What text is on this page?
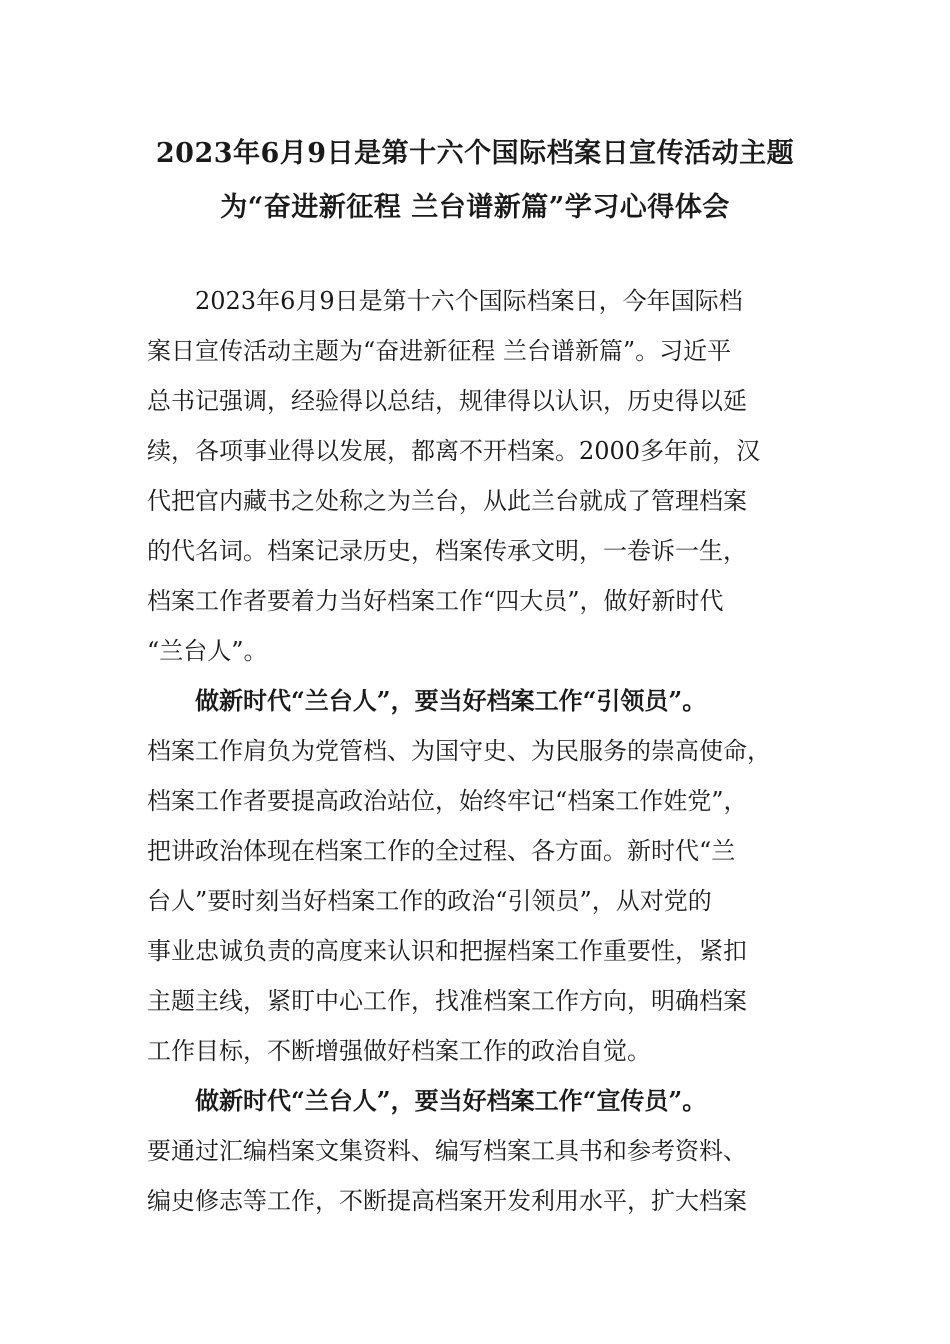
2023年6月9日是第十六个国际档案日宣传活动主题
为“奋进新征程 兰台谱新篇”学习心得体会
2023年6月9日是第十六个国际档案日，今年国际档
案日宣传活动主题为“奋进新征程 兰台谱新篇”。习近平
总书记强调，经验得以总结，规律得以认识，历史得以延
续，各项事业得以发展，都离不开档案。2000多年前，汉
代把官内藏书之处称之为兰台，从此兰台就成了管理档案
的代名词。档案记录历史，档案传承文明，一卷诉一生，
档案工作者要着力当好档案工作“四大员”，做好新时代
“兰台人”。
做新时代“兰台人”，要当好档案工作“引领员”。
档案工作肩负为党管档、为国守史、为民服务的崇高使命，
档案工作者要提高政治站位，始终牢记“档案工作姓党”，
把讲政治体现在档案工作的全过程、各方面。新时代“兰
台人”要时刻当好档案工作的政治“引领员”，从对党的
事业忠诚负责的高度来认识和把握档案工作重要性，紧扣
主题主线，紧盯中心工作，找准档案工作方向，明确档案
工作目标，不断增强做好档案工作的政治自觉。
做新时代“兰台人”，要当好档案工作“宣传员”。
要通过汇编档案文集资料、编写档案工具书和参考资料、
编史修志等工作，不断提高档案开发利用水平，扩大档案
